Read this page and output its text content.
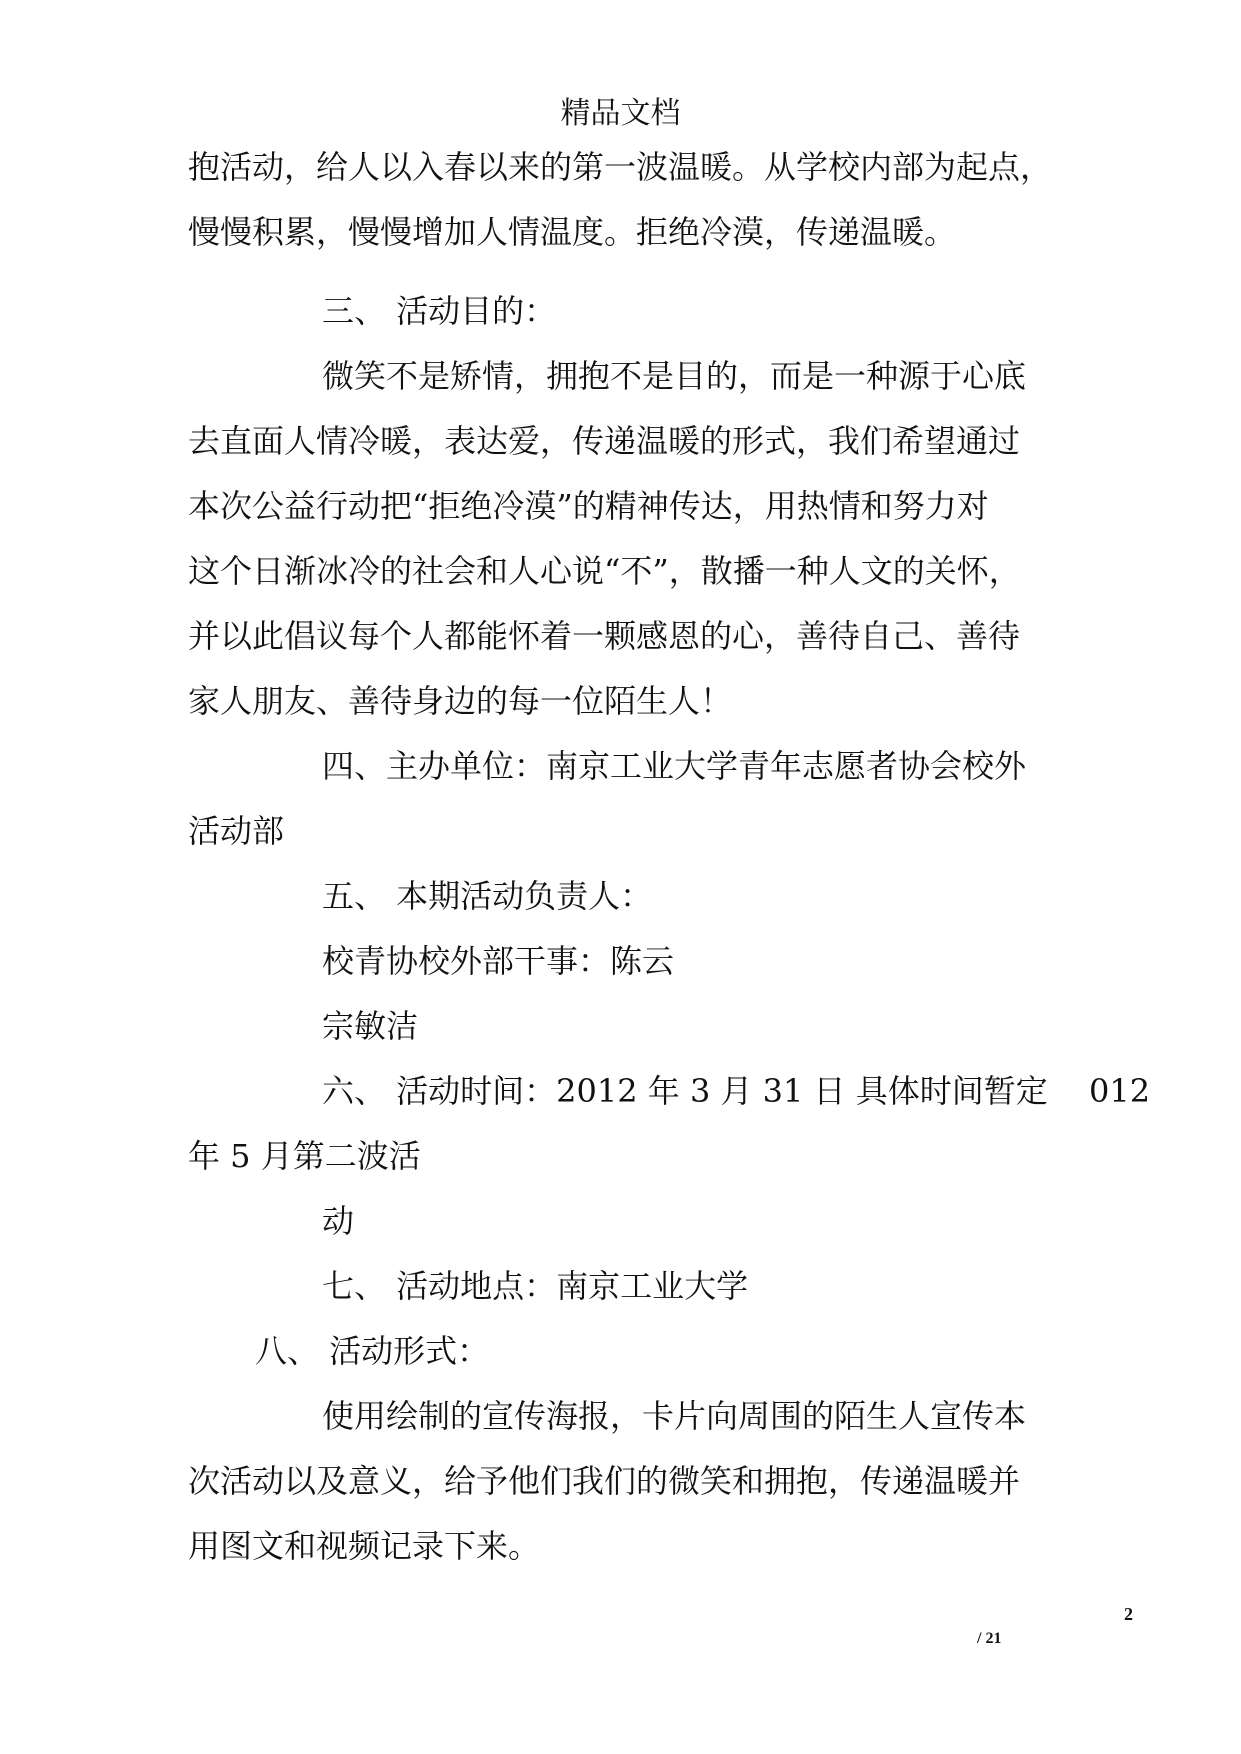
精品文档
抱活动，给人以入春以来的第一波温暖。从学校内部为起点，
慢慢积累，慢慢增加人情温度。拒绝冷漠，传递温暖。
三、 活动目的：
微笑不是矫情，拥抱不是目的，而是一种源于心底
去直面人情冷暖，表达爱，传递温暖的形式，我们希望通过
本次公益行动把“拒绝冷漠”的精神传达，用热情和努力对
这个日渐冰冷的社会和人心说“不”，散播一种人文的关怀，
并以此倡议每个人都能怀着一颗感恩的心，善待自己、善待
家人朋友、善待身边的每一位陌生人！
四、主办单位：南京工业大学青年志愿者协会校外
活动部
五、 本期活动负责人：
校青协校外部干事：陈云
宗敏洁
六、 活动时间：2012 年 3 月 31 日 具体时间暂定 012
年 5 月第二波活
动
七、 活动地点：南京工业大学
八、 活动形式：
使用绘制的宣传海报，卡片向周围的陌生人宣传本
次活动以及意义，给予他们我们的微笑和拥抱，传递温暖并
用图文和视频记录下来。
2
/ 21
